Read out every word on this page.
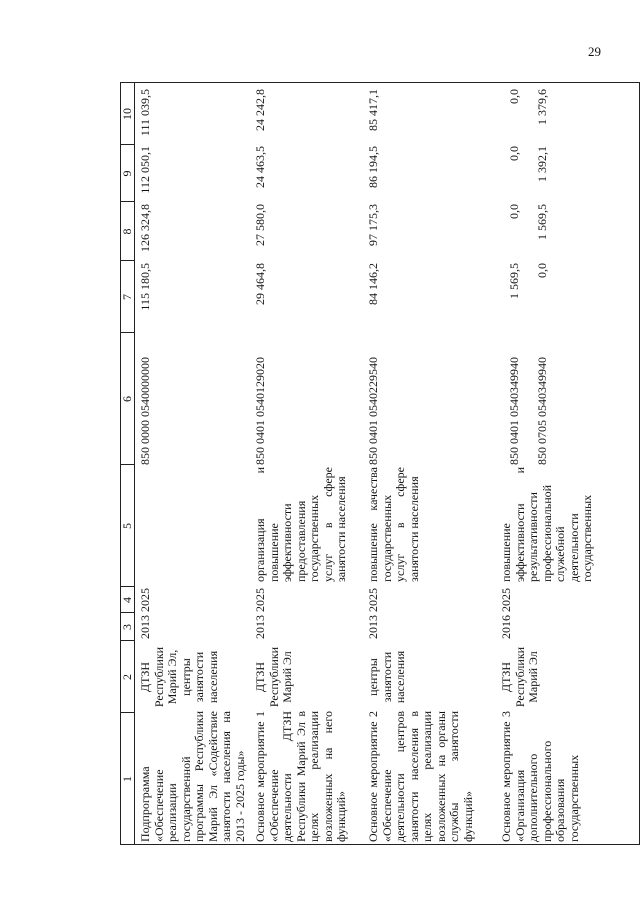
29
1
2
3
4
5
6
7
8
9
10
Подпрограмма «Обеспечение реализации государственной программы Республики Марий Эл «Содействие занятости населения на 2013 - 2025 годы»
ДТЗН
Республики
Марий Эл,
центры
занятости
населения
2013
2025
850 0000 0540000000
115 180,5
126 324,8
112 050,1
111 039,5
Основное мероприятие 1 «Обеспечение деятельности ДТЗН Республики Марий Эл в целях реализации возложенных на него функций»
ДТЗН
Республики
Марий Эл
2013
2025
организация и повышение эффективности предоставления государственных услуг в сфере занятости населения
850 0401 0540129020
29 464,8
27 580,0
24 463,5
24 242,8
Основное мероприятие 2 «Обеспечение деятельности центров занятости населения в целях реализации возложенных на органы службы занятости функций»
центры
занятости
населения
2013
2025
повышение качества государственных услуг в сфере занятости населения
850 0401 0540229540
84 146,2
97 175,3
86 194,5
85 417,1
Основное мероприятие 3 «Организация дополнительного профессионального образования государственных
ДТЗН
Республики
Марий Эл
2016
2025
повышение эффективности и результативности профессиональной служебной деятельности государственных
850 0401 0540349940
850 0705 0540349940
1 569,5
0,0
0,0
1 569,5
0,0
1 392,1
0,0
1 379,6
